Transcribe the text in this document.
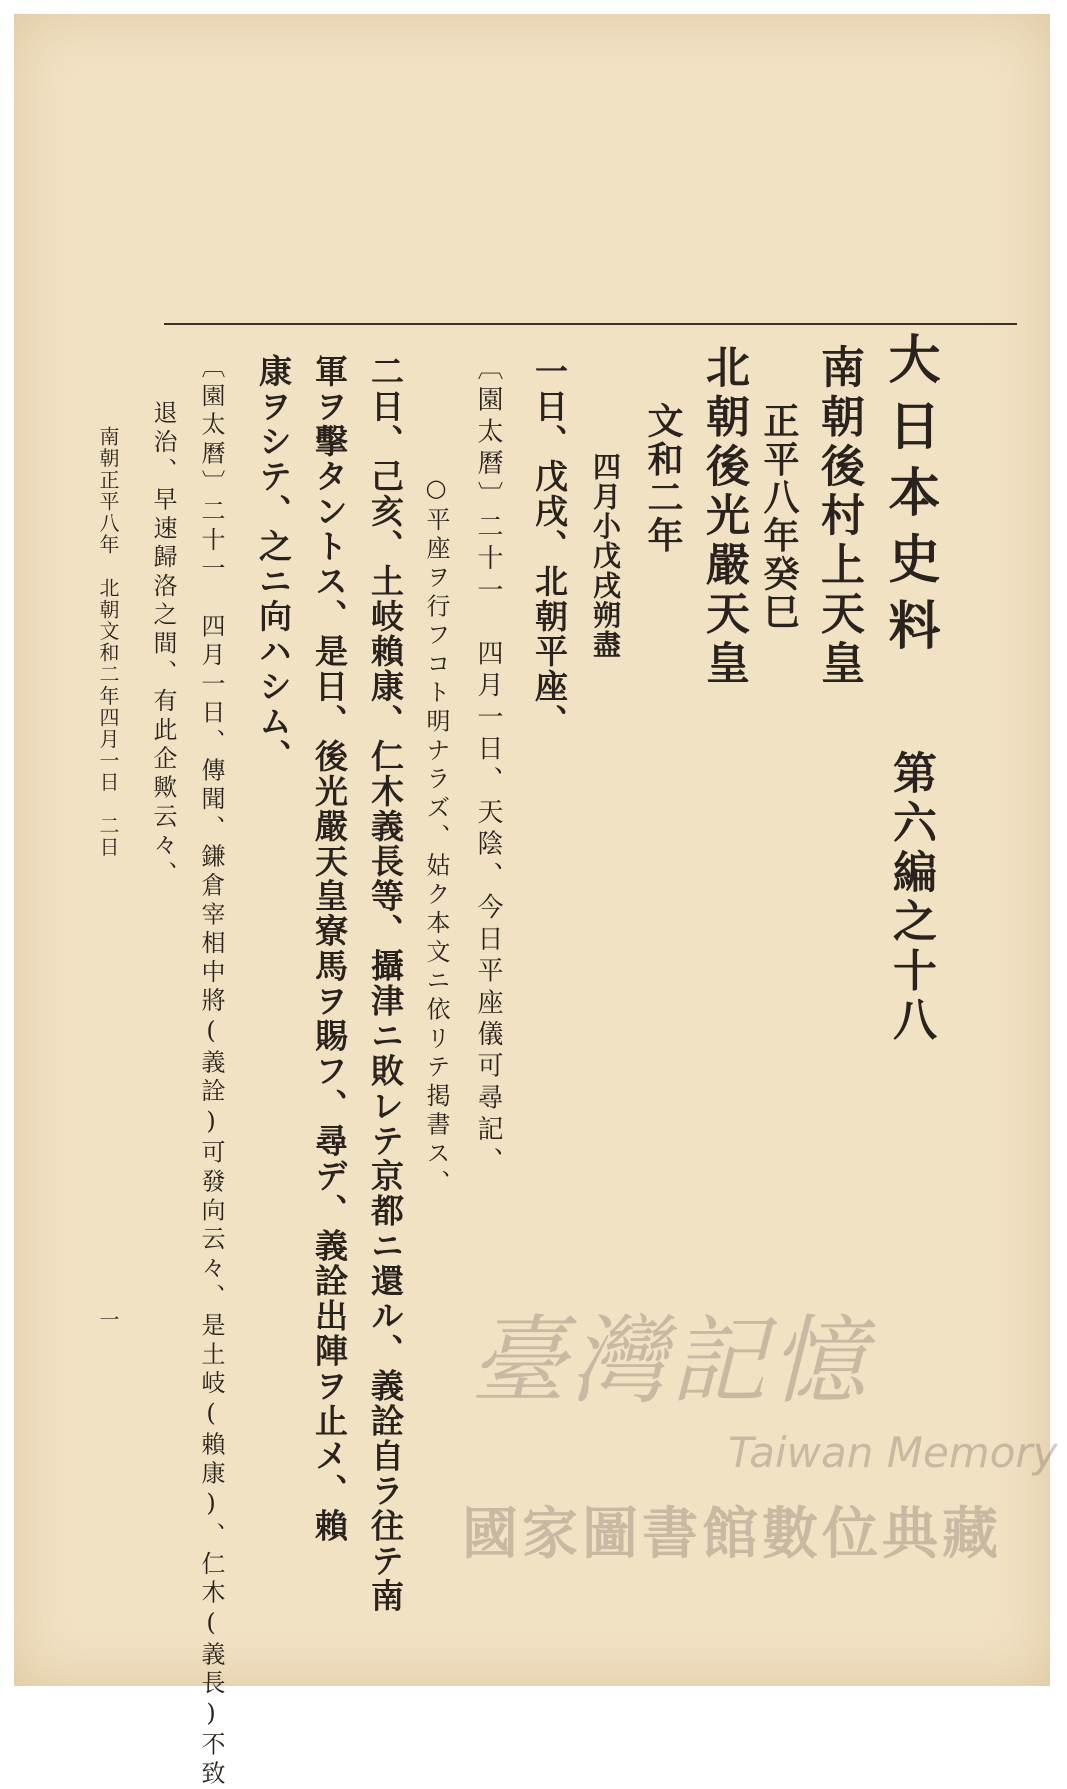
大日本史料
第六編之十八
南朝後村上天皇
正平八年癸巳
北朝後光嚴天皇
文和二年
四月小戊戌朔盡
一日、戊戌、北朝平座、
〔園太曆〕二十一　四月一日、天陰、今日平座儀可尋記、
○平座ヲ行フコト明ナラズ、姑ク本文ニ依リテ掲書ス、
二日、己亥、土岐賴康、仁木義長等、攝津ニ敗レテ京都ニ還ル、義詮自ラ往テ南
軍ヲ擊タントス、是日、後光嚴天皇寮馬ヲ賜フ、尋デ、義詮出陣ヲ止メ、賴
康ヲシテ、之ニ向ハシム、
〔園太曆〕二十一　四月一日、傳聞、鎌倉宰相中將(義詮)可發向云々、是土岐(賴康)、仁木(義長)不致
退治、早速歸洛之間、有此企歟云々、
南朝正平八年　北朝文和二年四月一日　二日
一	臺灣記憶
Taiwan Memory
國家圖書館數位典藏
